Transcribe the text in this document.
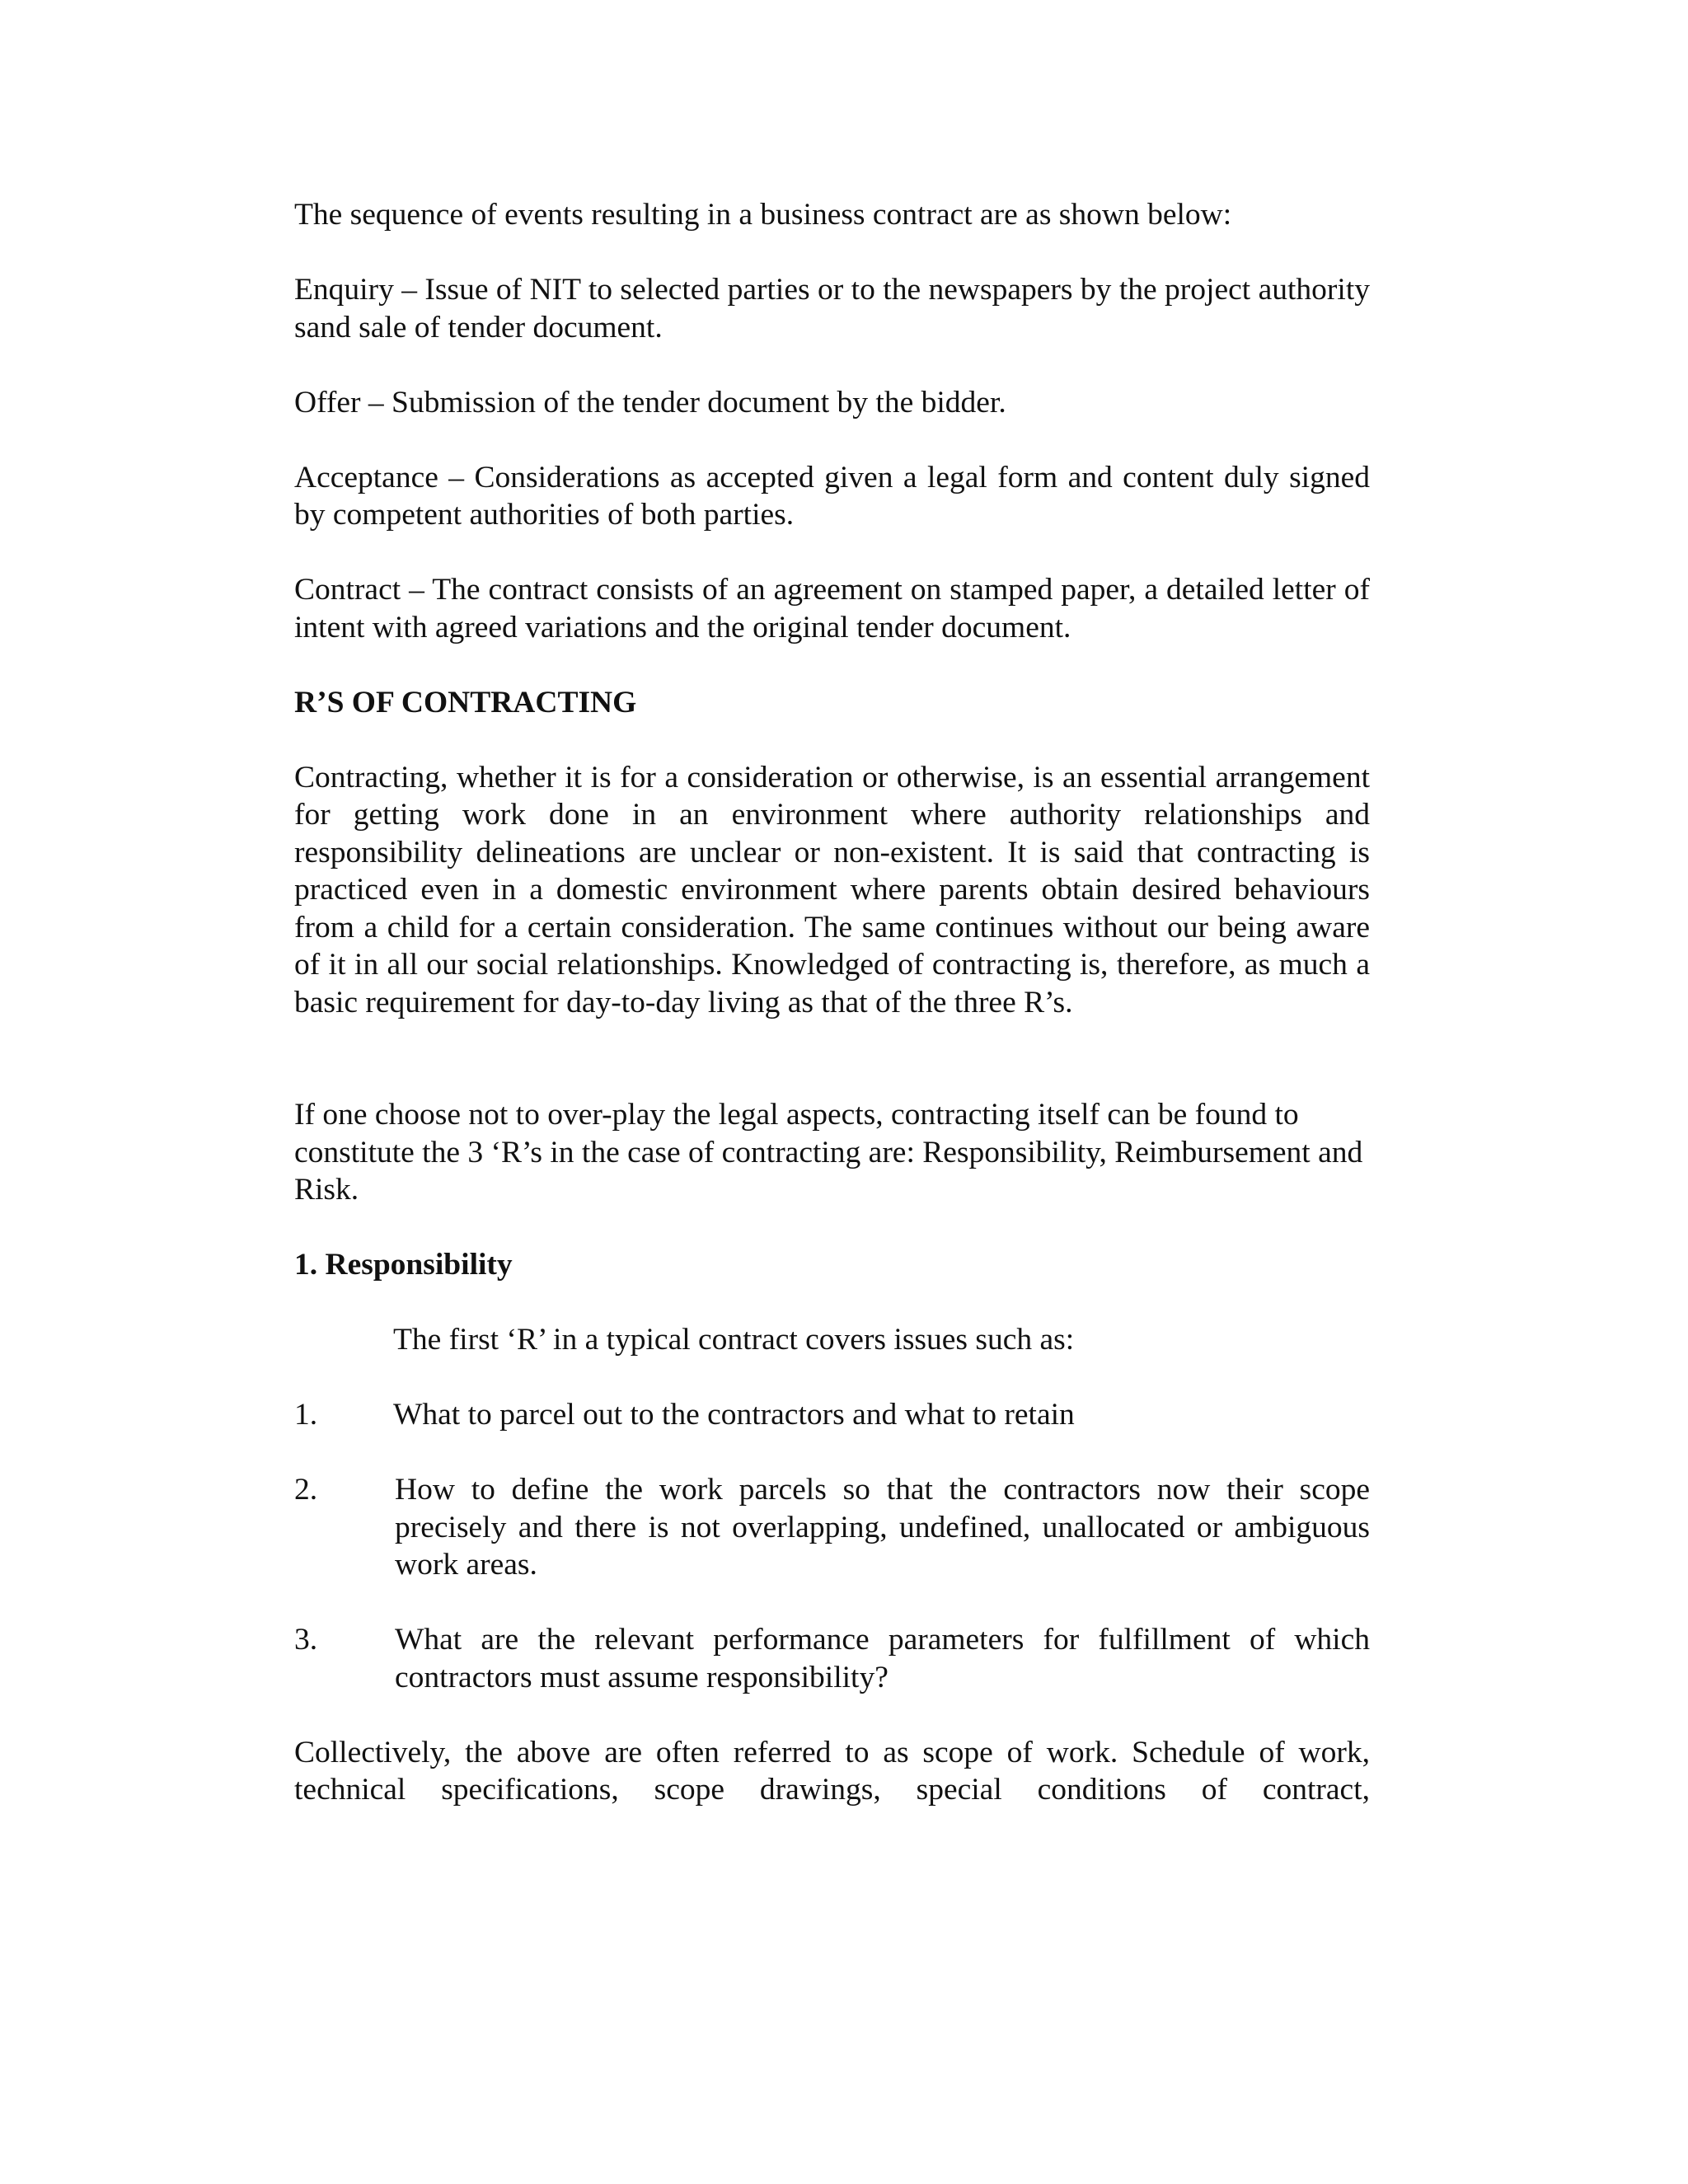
The sequence of events resulting in a business contract are as shown below:

Enquiry – Issue of NIT to selected parties or to the newspapers by the project authority sand sale of tender document.

Offer – Submission of the tender document by the bidder.

Acceptance – Considerations as accepted given a legal form and content duly signed by competent authorities of both parties.

Contract – The contract consists of an agreement on stamped paper, a detailed letter of intent with agreed variations and the original tender document.

R’S OF CONTRACTING

Contracting, whether it is for a consideration or otherwise, is an essential arrangement for getting work done in an environment where authority relationships and responsibility delineations are unclear or non-existent. It is said that contracting is practiced even in a domestic environment where parents obtain desired behaviours from a child for a certain consideration. The same continues without our being aware of it in all our social relationships. Knowledged of contracting is, therefore, as much a basic requirement for day-to-day living as that of the three R’s.

If one choose not to over-play the legal aspects, contracting itself can be found to constitute the 3 ‘R’s in the case of contracting are: Responsibility, Reimbursement and Risk.

1. Responsibility
The first ‘R’ in a typical contract covers issues such as:
1.	What to parcel out to the contractors and what to retain
2.	How to define the work parcels so that the contractors now their scope precisely and there is not overlapping, undefined, unallocated or ambiguous work areas.
3.	What are the relevant performance parameters for fulfillment of which contractors must assume responsibility?

Collectively, the above are often referred to as scope of work. Schedule of work, technical specifications, scope drawings, special conditions of contract,
